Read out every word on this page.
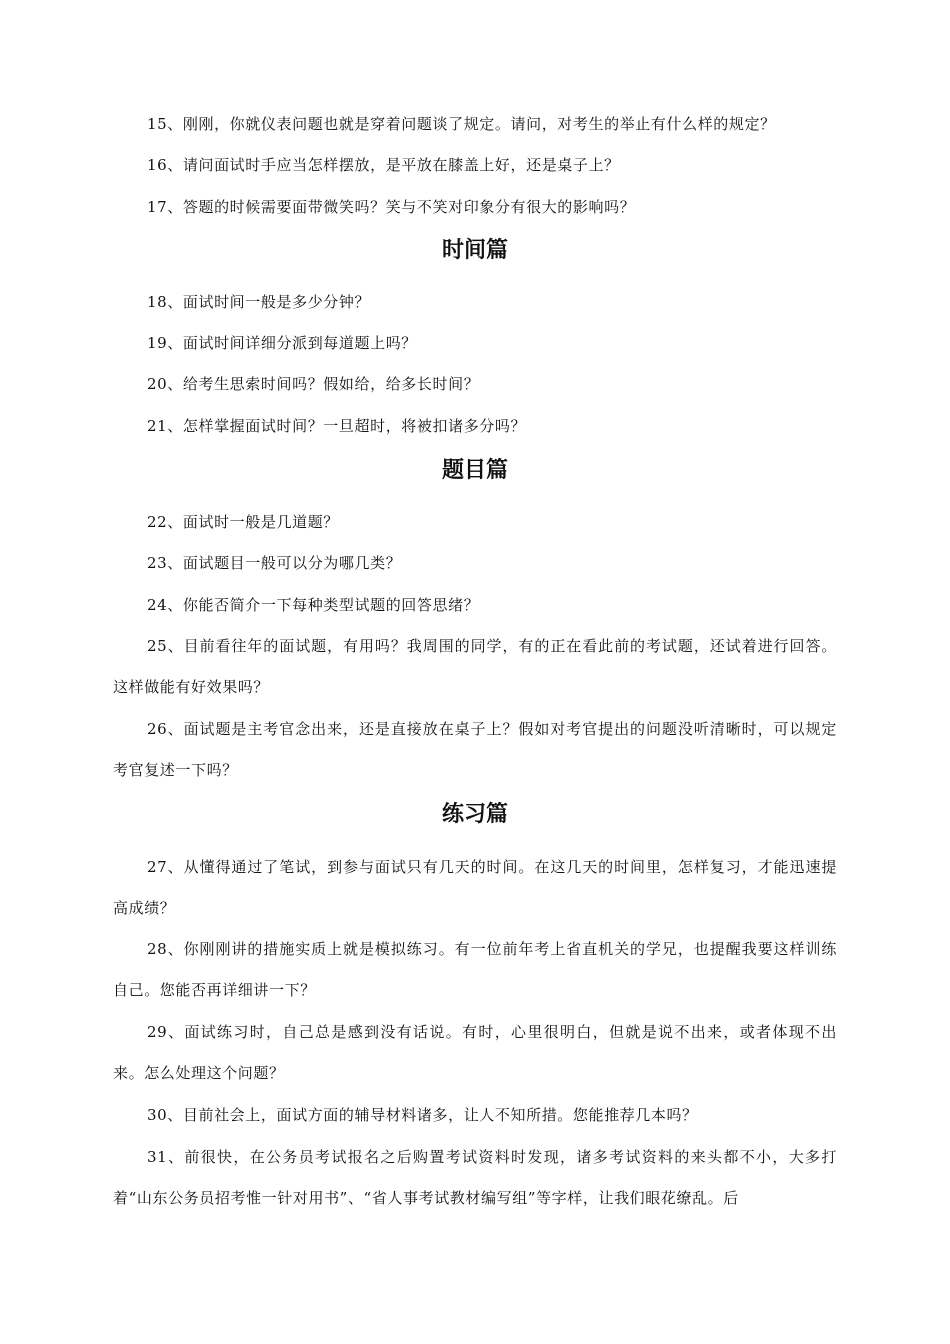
15、刚刚，你就仪表问题也就是穿着问题谈了规定。请问，对考生的举止有什么样的规定？

16、请问面试时手应当怎样摆放，是平放在膝盖上好，还是桌子上？

17、答题的时候需要面带微笑吗？笑与不笑对印象分有很大的影响吗？

时间篇

18、面试时间一般是多少分钟？

19、面试时间详细分派到每道题上吗？

20、给考生思索时间吗？假如给，给多长时间？

21、怎样掌握面试时间？一旦超时，将被扣诸多分吗？

题目篇

22、面试时一般是几道题？

23、面试题目一般可以分为哪几类？

24、你能否简介一下每种类型试题的回答思绪？

25、目前看往年的面试题，有用吗？我周围的同学，有的正在看此前的考试题，还试着进行回答。这样做能有好效果吗？

26、面试题是主考官念出来，还是直接放在桌子上？假如对考官提出的问题没听清晰时，可以规定考官复述一下吗？

练习篇

27、从懂得通过了笔试，到参与面试只有几天的时间。在这几天的时间里，怎样复习，才能迅速提高成绩？

28、你刚刚讲的措施实质上就是模拟练习。有一位前年考上省直机关的学兄，也提醒我要这样训练自己。您能否再详细讲一下？

29、面试练习时，自己总是感到没有话说。有时，心里很明白，但就是说不出来，或者体现不出来。怎么处理这个问题？

30、目前社会上，面试方面的辅导材料诸多，让人不知所措。您能推荐几本吗？

31、前很快，在公务员考试报名之后购置考试资料时发现，诸多考试资料的来头都不小，大多打着“山东公务员招考惟一针对用书”、“省人事考试教材编写组”等字样，让我们眼花缭乱。后
